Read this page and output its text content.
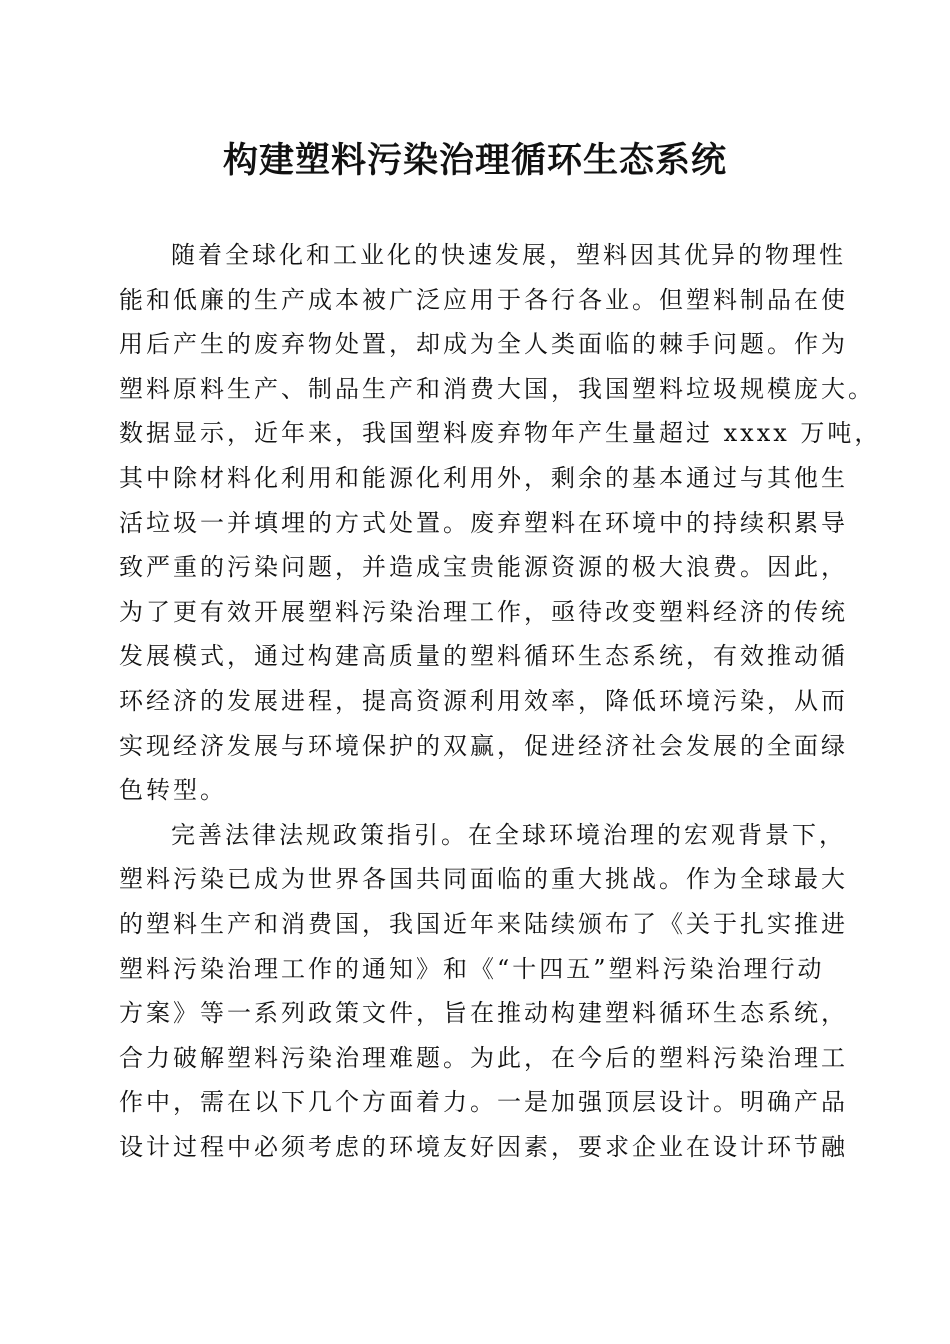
构建塑料污染治理循环生态系统
随着全球化和工业化的快速发展，塑料因其优异的物理性
能和低廉的生产成本被广泛应用于各行各业。但塑料制品在使
用后产生的废弃物处置，却成为全人类面临的棘手问题。作为
塑料原料生产、制品生产和消费大国，我国塑料垃圾规模庞大。
数据显示，近年来，我国塑料废弃物年产生量超过 xxxx 万吨，
其中除材料化利用和能源化利用外，剩余的基本通过与其他生
活垃圾一并填埋的方式处置。废弃塑料在环境中的持续积累导
致严重的污染问题，并造成宝贵能源资源的极大浪费。因此，
为了更有效开展塑料污染治理工作，亟待改变塑料经济的传统
发展模式，通过构建高质量的塑料循环生态系统，有效推动循
环经济的发展进程，提高资源利用效率，降低环境污染，从而
实现经济发展与环境保护的双赢，促进经济社会发展的全面绿
色转型。
完善法律法规政策指引。在全球环境治理的宏观背景下，
塑料污染已成为世界各国共同面临的重大挑战。作为全球最大
的塑料生产和消费国，我国近年来陆续颁布了《关于扎实推进
塑料污染治理工作的通知》和《“十四五”塑料污染治理行动
方案》等一系列政策文件，旨在推动构建塑料循环生态系统，
合力破解塑料污染治理难题。为此，在今后的塑料污染治理工
作中，需在以下几个方面着力。一是加强顶层设计。明确产品
设计过程中必须考虑的环境友好因素，要求企业在设计环节融
